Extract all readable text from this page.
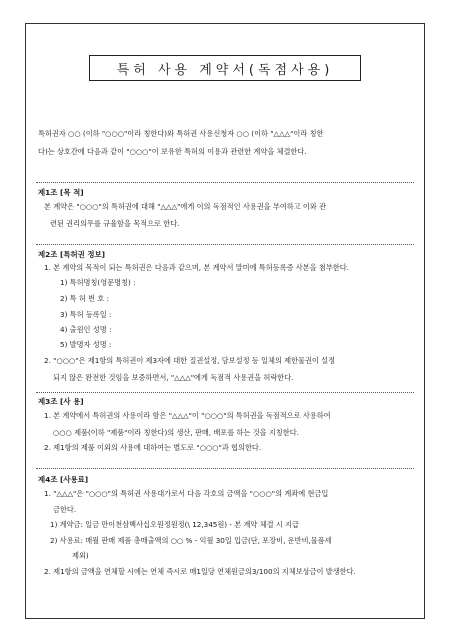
특허 사용 계약서(독점사용)
특허권자 ○○ (이하 "○○○"이라 칭한다)와 특허권 사용신청자 ○○ (이하 "△△△"이라 칭한
다)는 상호간에 다음과 같이 "○○○"이 보유한 특허의 이용과 관련한 계약을 체결한다.
제1조 [목 적]
본 계약은 "○○○"의 특허권에 대해 "△△△"에게 이의 독점적인 사용권을 부여하고 이와 관
련된 권리의무를 규율함을 목적으로 한다.
제2조 [특허권 정보]
1. 본 계약의 목적이 되는 특허권은 다음과 같으며, 본 계약서 말미에 특허등록증 사본을 첨부한다.
1) 특허명칭(영문명칭) :
2) 특 허 번 호 :
3) 특허 등록일 :
4) 출원인 성명 :
5) 발명자 성명 :
2. "○○○"은 제1항의 특허권이 제3자에 대한 질권설정, 담보설정 등 일체의 제한물권이 설정
되지 않은 완전한 것임을 보증하면서, "△△△"에게 독점적 사용권을 허락한다.
제3조 [사 용]
1. 본 계약에서 특허권의 사용이라 함은 "△△△"이 "○○○"의 특허권을 독점적으로 사용하여
○○○ 제품(이하 "제품"이라 칭한다)의 생산, 판매, 배포를 하는 것을 지칭한다.
2. 제1항의 제품 이외의 사용에 대하여는 별도로 "○○○"과 협의한다.
제4조 [사용료]
1. "△△△"은 "○○○"의 특허권 사용대가로서 다음 각호의 금액을 "○○○"의 계좌에 현금입
금한다.
1) 계약금: 일금 만이천삼백사십오원정원정(\ 12,345원) - 본 계약 체결 시 지급
2) 사용료: 매월 판매 제품 총매출액의 ○○ % - 익월 30일 입금(단, 포장비, 운반비,물품세
제외)
2. 제1항의 금액을 연체할 시에는 연체 즉시로 매1일당 연체원금의3/100의 지체보상금이 발생한다.
